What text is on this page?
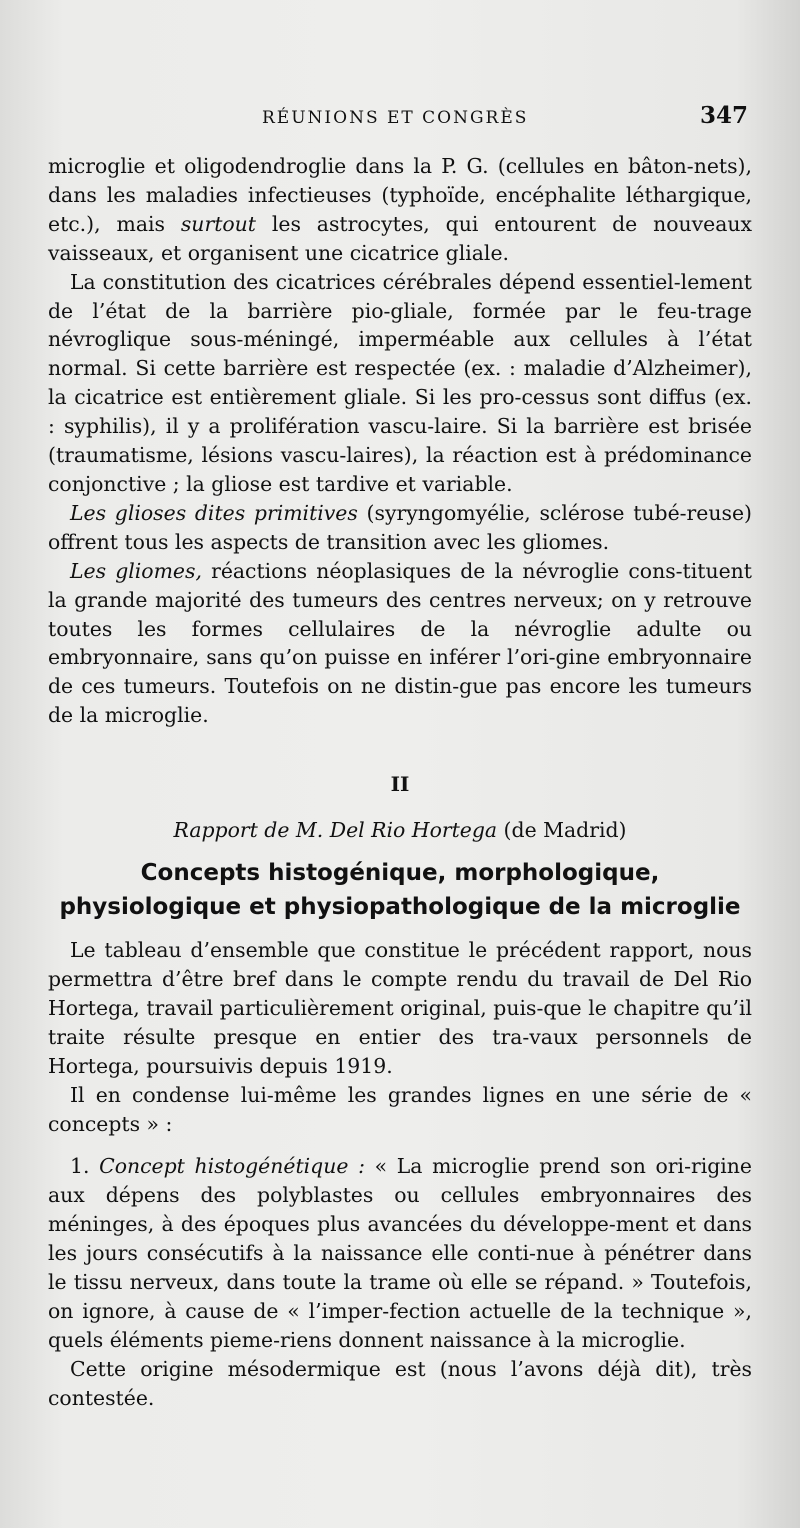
RÉUNIONS ET CONGRÈS	347

microglie et oligodendroglie dans la P. G. (cellules en bâton-nets), dans les maladies infectieuses (typhoïde, encéphalite léthargique, etc.), mais surtout les astrocytes, qui entourent de nouveaux vaisseaux, et organisent une cicatrice gliale.

La constitution des cicatrices cérébrales dépend essentiel-lement de l’état de la barrière pio-gliale, formée par le feu-trage névroglique sous-méningé, imperméable aux cellules à l’état normal. Si cette barrière est respectée (ex. : maladie d’Alzheimer), la cicatrice est entièrement gliale. Si les pro-cessus sont diffus (ex. : syphilis), il y a prolifération vascu-laire. Si la barrière est brisée (traumatisme, lésions vascu-laires), la réaction est à prédominance conjonctive ; la gliose est tardive et variable.

Les glioses dites primitives (syryngomyélie, sclérose tubé-reuse) offrent tous les aspects de transition avec les gliomes.

Les gliomes, réactions néoplasiques de la névroglie cons-tituent la grande majorité des tumeurs des centres nerveux; on y retrouve toutes les formes cellulaires de la névroglie adulte ou embryonnaire, sans qu’on puisse en inférer l’ori-gine embryonnaire de ces tumeurs. Toutefois on ne distin-gue pas encore les tumeurs de la microglie.

II
Rapport de M. Del Rio Hortega (de Madrid)
Concepts histogénique, morphologique,
physiologique et physiopathologique de la microglie

Le tableau d’ensemble que constitue le précédent rapport, nous permettra d’être bref dans le compte rendu du travail de Del Rio Hortega, travail particulièrement original, puis-que le chapitre qu’il traite résulte presque en entier des tra-vaux personnels de Hortega, poursuivis depuis 1919.

Il en condense lui-même les grandes lignes en une série de « concepts » :

1. Concept histogénétique : « La microglie prend son ori-rigine aux dépens des polyblastes ou cellules embryonnaires des méninges, à des époques plus avancées du développe-ment et dans les jours consécutifs à la naissance elle conti-nue à pénétrer dans le tissu nerveux, dans toute la trame où elle se répand. » Toutefois, on ignore, à cause de « l’imper-fection actuelle de la technique », quels éléments pieme-riens donnent naissance à la microglie.

Cette origine mésodermique est (nous l’avons déjà dit), très contestée.
